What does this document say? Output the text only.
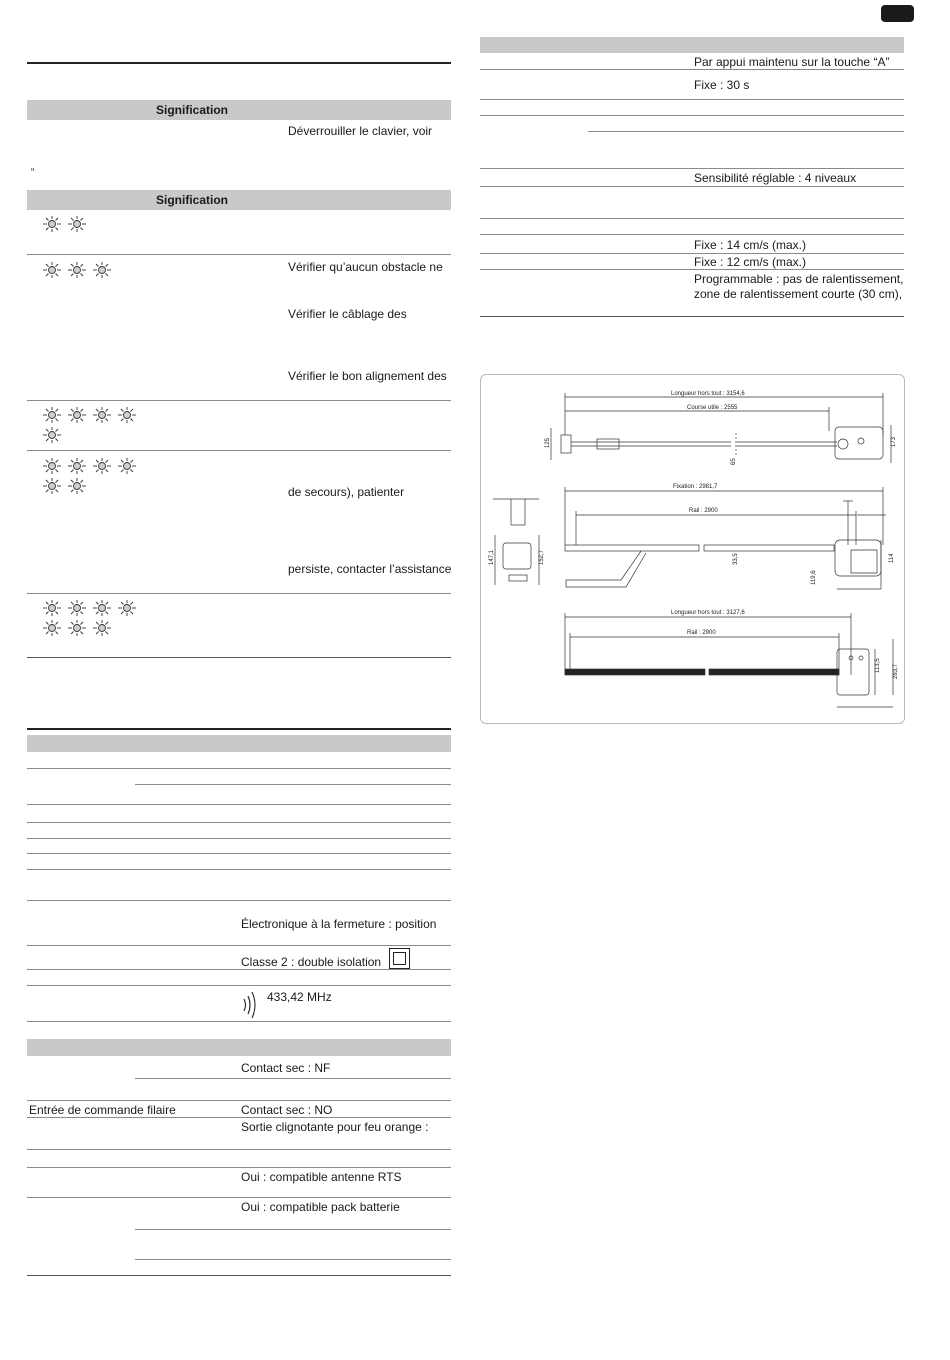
Signification
Déverrouiller le clavier, voir
“
Signification
Vérifier qu’aucun obstacle ne
Vérifier le câblage des
Vérifier le bon alignement des
de secours), patienter
persiste, contacter l’assistance
Électronique à la fermeture : position
Classe 2 : double isolation
433,42 MHz
Contact sec : NF
Entrée de commande filaire	Contact sec : NO
Sortie clignotante pour feu orange :
Oui : compatible antenne RTS
Oui : compatible pack batterie
Par appui maintenu sur la touche “A”
Fixe : 30 s
Sensibilité réglable : 4 niveaux
Fixe : 14 cm/s (max.)
Fixe : 12 cm/s (max.)
Programmable : pas de ralentissement,
zone de ralentissement courte (30 cm),
Longueur hors tout : 3154,6
Course utile : 2555
125
65
173
Fixation : 2981,7
Rail : 2900
147,1	152,7	33,5
119,6
114
Longueur hors tout : 3127,6
Rail : 2900
113,5 283,7
